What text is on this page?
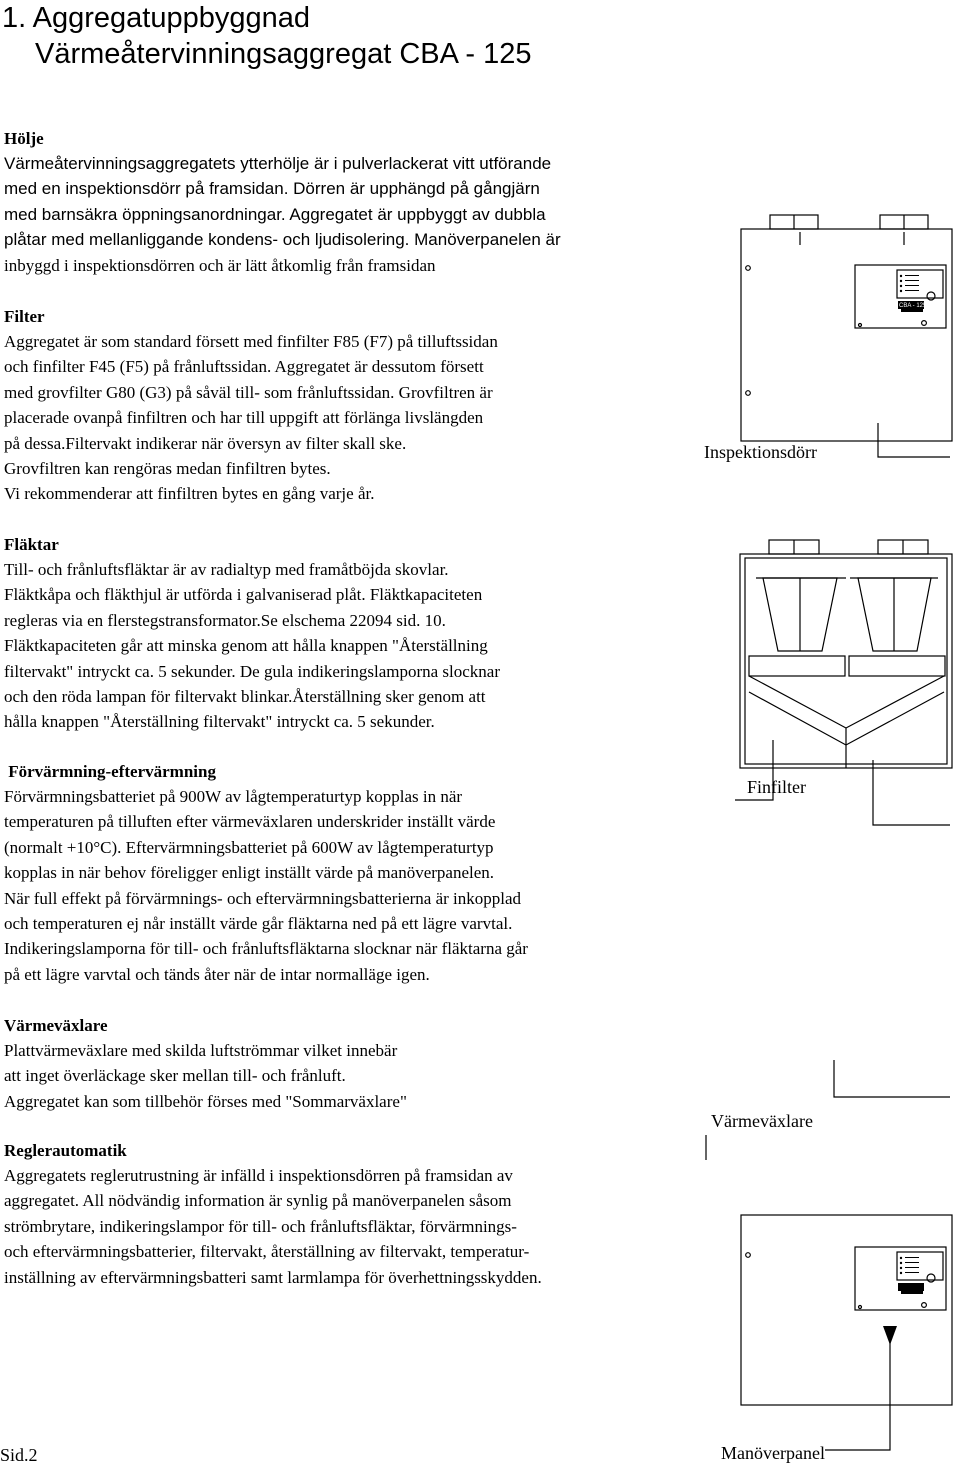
1. Aggregatuppbyggnad
Värmeåtervinningsaggregat CBA - 125
Hölje

Värmeåtervinningsaggregatets ytterhölje är i pulverlackerat vitt utförande

med en inspektionsdörr på framsidan. Dörren är upphängd på gångjärn

med barnsäkra öppningsanordningar. Aggregatet är uppbyggt av dubbla

plåtar med mellanliggande kondens- och ljudisolering. Manöverpanelen är

inbyggd i inspektionsdörren och är lätt åtkomlig från framsidan

Filter

Aggregatet är som standard försett med finfilter F85 (F7) på tilluftssidan

och finfilter F45 (F5) på frånluftssidan. Aggregatet är dessutom försett

med grovfilter G80 (G3) på såväl till- som frånluftssidan. Grovfiltren är

placerade ovanpå finfiltren och har till uppgift att förlänga livslängden

på dessa.Filtervakt indikerar när översyn av filter skall ske.

Grovfiltren kan rengöras medan finfiltren bytes.

Vi rekommenderar att finfiltren bytes en gång varje år.

Fläktar

Till- och frånluftsfläktar är av radialtyp med framåtböjda skovlar.

Fläktkåpa och fläkthjul är utförda i galvaniserad plåt. Fläktkapaciteten

regleras via en flerstegstransformator.Se elschema 22094 sid. 10.

Fläktkapaciteten går att minska genom att hålla knappen "Återställning

filtervakt" intryckt ca. 5 sekunder. De gula indikeringslamporna slocknar

och den röda lampan för filtervakt blinkar.Återställning sker genom att

hålla knappen "Återställning filtervakt" intryckt ca. 5 sekunder.

Förvärmning-eftervärmning

Förvärmningsbatteriet på 900W av lågtemperaturtyp kopplas in när

temperaturen på tilluften efter värmeväxlaren underskrider inställt värde

(normalt +10°C). Eftervärmningsbatteriet på 600W av lågtemperaturtyp

kopplas in när behov föreligger enligt inställt värde på manöverpanelen.

När full effekt på förvärmnings- och eftervärmningsbatterierna är inkopplad

och temperaturen ej når inställt värde går fläktarna ned på ett lägre varvtal.

Indikeringslamporna för till- och frånluftsfläktarna slocknar när fläktarna går

på ett lägre varvtal och tänds åter när de intar normalläge igen.

Värmeväxlare

Plattvärmeväxlare med skilda luftströmmar vilket innebär

att inget överläckage sker mellan till- och frånluft.

Aggregatet kan som tillbehör förses med "Sommarväxlare"

Reglerautomatik

Aggregatets reglerutrustning är infälld i inspektionsdörren på framsidan av

aggregatet. All nödvändig information är synlig på manöverpanelen såsom

strömbrytare, indikeringslampor för till- och frånluftsfläktar, förvärmnings-

och eftervärmningsbatterier, filtervakt, återställning av filtervakt, temperatur-

inställning av eftervärmningsbatteri samt larmlampa för överhettningsskydden.

CBA - 125S
Inspektionsdörr
Finfilter
Värmeväxlare
Manöverpanel
Sid.2
